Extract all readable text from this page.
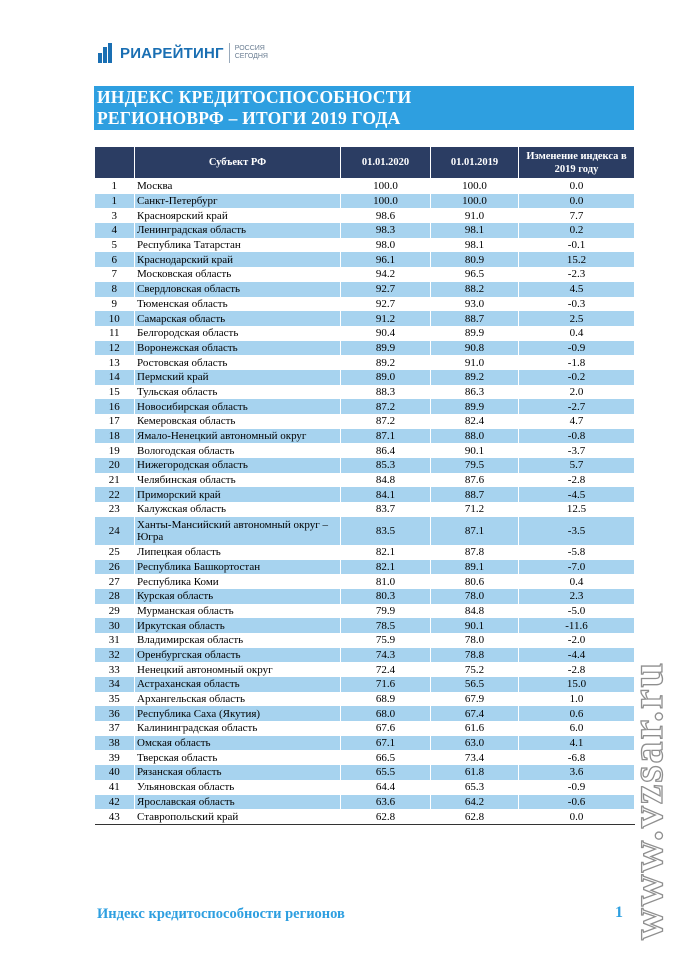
РИАРЕЙТИНГ РОССИЯ
СЕГОДНЯ
ИНДЕКС КРЕДИТОСПОСОБНОСТИ
РЕГИОНОВРФ – ИТОГИ 2019 ГОДА
	Субъект РФ	01.01.2020	01.01.2019	Изменение индекса в 2019 году
1	Москва	100.0	100.0	0.0
1	Санкт-Петербург	100.0	100.0	0.0
3	Красноярский край	98.6	91.0	7.7
4	Ленинградская область	98.3	98.1	0.2
5	Республика Татарстан	98.0	98.1	-0.1
6	Краснодарский край	96.1	80.9	15.2
7	Московская область	94.2	96.5	-2.3
8	Свердловская область	92.7	88.2	4.5
9	Тюменская область	92.7	93.0	-0.3
10	Самарская область	91.2	88.7	2.5
11	Белгородская область	90.4	89.9	0.4
12	Воронежская область	89.9	90.8	-0.9
13	Ростовская область	89.2	91.0	-1.8
14	Пермский край	89.0	89.2	-0.2
15	Тульская область	88.3	86.3	2.0
16	Новосибирская область	87.2	89.9	-2.7
17	Кемеровская область	87.2	82.4	4.7
18	Ямало-Ненецкий автономный округ	87.1	88.0	-0.8
19	Вологодская область	86.4	90.1	-3.7
20	Нижегородская область	85.3	79.5	5.7
21	Челябинская область	84.8	87.6	-2.8
22	Приморский край	84.1	88.7	-4.5
23	Калужская область	83.7	71.2	12.5
24	Ханты-Мансийский автономный округ – Югра	83.5	87.1	-3.5
25	Липецкая область	82.1	87.8	-5.8
26	Республика Башкортостан	82.1	89.1	-7.0
27	Республика Коми	81.0	80.6	0.4
28	Курская область	80.3	78.0	2.3
29	Мурманская область	79.9	84.8	-5.0
30	Иркутская область	78.5	90.1	-11.6
31	Владимирская область	75.9	78.0	-2.0
32	Оренбургская область	74.3	78.8	-4.4
33	Ненецкий автономный округ	72.4	75.2	-2.8
34	Астраханская область	71.6	56.5	15.0
35	Архангельская область	68.9	67.9	1.0
36	Республика Саха (Якутия)	68.0	67.4	0.6
37	Калининградская область	67.6	61.6	6.0
38	Омская область	67.1	63.0	4.1
39	Тверская область	66.5	73.4	-6.8
40	Рязанская область	65.5	61.8	3.6
41	Ульяновская область	64.4	65.3	-0.9
42	Ярославская область	63.6	64.2	-0.6
43	Ставропольский край	62.8	62.8	0.0
Индекс кредитоспособности регионов	1 www.vzsar.ru
